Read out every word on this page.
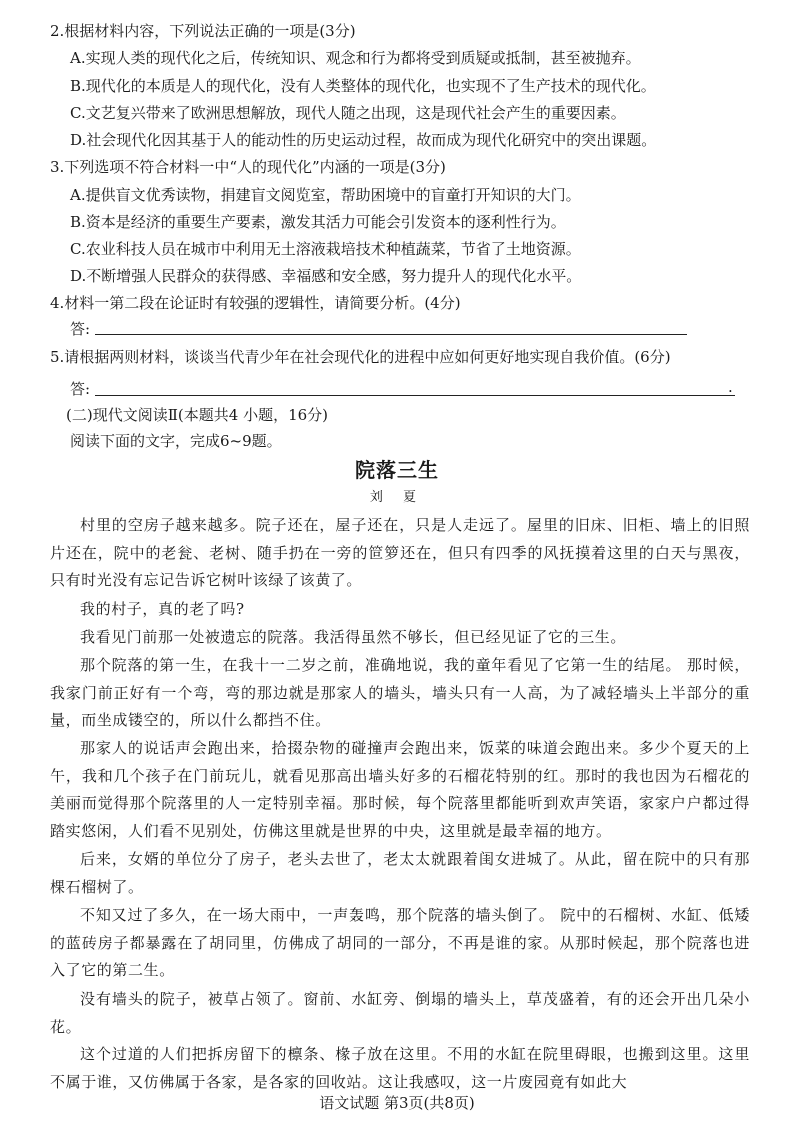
2.根据材料内容，下列说法正确的一项是(3分)
A.实现人类的现代化之后，传统知识、观念和行为都将受到质疑或抵制，甚至被抛弃。
B.现代化的本质是人的现代化，没有人类整体的现代化，也实现不了生产技术的现代化。
C.文艺复兴带来了欧洲思想解放，现代人随之出现，这是现代社会产生的重要因素。
D.社会现代化因其基于人的能动性的历史运动过程，故而成为现代化研究中的突出课题。
3.下列选项不符合材料一中“人的现代化”内涵的一项是(3分)
A.提供盲文优秀读物，捐建盲文阅览室，帮助困境中的盲童打开知识的大门。
B.资本是经济的重要生产要素，激发其活力可能会引发资本的逐利性行为。
C.农业科技人员在城市中利用无土溶液栽培技术种植蔬菜，节省了土地资源。
D.不断增强人民群众的获得感、幸福感和安全感，努力提升人的现代化水平。
4.材料一第二段在论证时有较强的逻辑性，请简要分析。(4分)
答:
5.请根据两则材料，谈谈当代青少年在社会现代化的进程中应如何更好地实现自我价值。(6分)
答:	.
(二)现代文阅读Ⅱ(本题共4 小题，16分)
阅读下面的文字，完成6~9题。
院落三生
刘 夏
村里的空房子越来越多。院子还在，屋子还在，只是人走远了。屋里的旧床、旧柜、墙上的旧照片还在，院中的老瓮、老树、随手扔在一旁的笸箩还在，但只有四季的风抚摸着这里的白天与黑夜，只有时光没有忘记告诉它树叶该绿了该黄了。
我的村子，真的老了吗?
我看见门前那一处被遗忘的院落。我活得虽然不够长，但已经见证了它的三生。
那个院落的第一生，在我十一二岁之前，准确地说，我的童年看见了它第一生的结尾。 那时候，我家门前正好有一个弯，弯的那边就是那家人的墙头，墙头只有一人高，为了减轻墙头上半部分的重量，而坐成镂空的，所以什么都挡不住。
那家人的说话声会跑出来，拾掇杂物的碰撞声会跑出来，饭菜的味道会跑出来。多少个夏天的上午，我和几个孩子在门前玩儿，就看见那高出墙头好多的石榴花特别的红。那时的我也因为石榴花的美丽而觉得那个院落里的人一定特别幸福。那时候，每个院落里都能听到欢声笑语，家家户户都过得踏实悠闲，人们看不见别处，仿佛这里就是世界的中央，这里就是最幸福的地方。
后来，女婿的单位分了房子，老头去世了，老太太就跟着闺女进城了。从此，留在院中的只有那棵石榴树了。
不知又过了多久，在一场大雨中，一声轰鸣，那个院落的墙头倒了。 院中的石榴树、水缸、低矮的蓝砖房子都暴露在了胡同里，仿佛成了胡同的一部分，不再是谁的家。从那时候起，那个院落也进入了它的第二生。
没有墙头的院子，被草占领了。窗前、水缸旁、倒塌的墙头上，草茂盛着，有的还会开出几朵小花。
这个过道的人们把拆房留下的檩条、椽子放在这里。不用的水缸在院里碍眼，也搬到这里。这里不属于谁，又仿佛属于各家，是各家的回收站。这让我感叹，这一片废园竟有如此大
语文试题 第3页(共8页)
